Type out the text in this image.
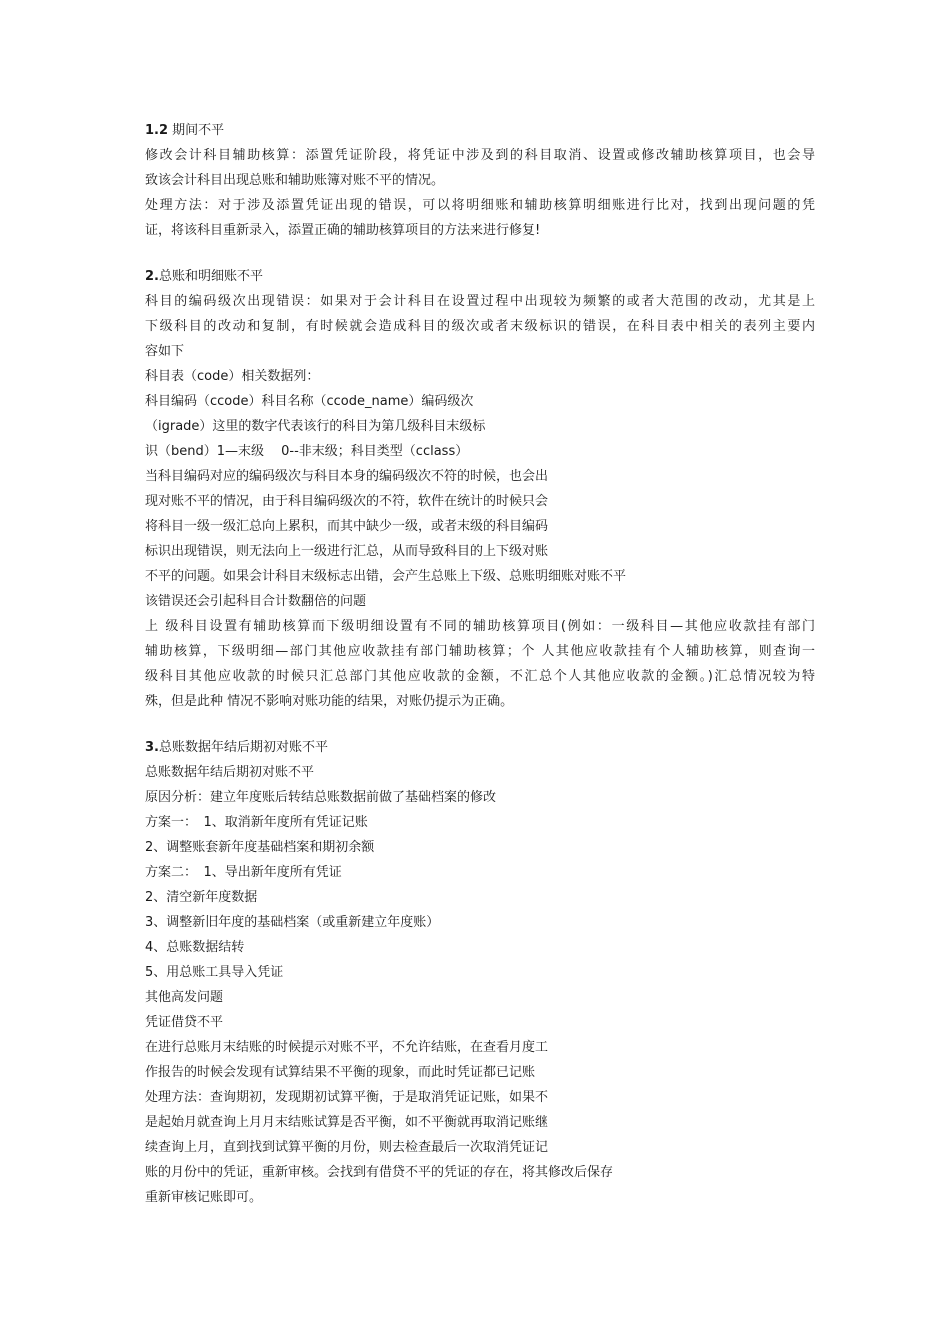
1.2 期间不平
修改会计科目辅助核算：添置凭证阶段，将凭证中涉及到的科目取消、设置或修改辅助核算项目，也会导
致该会计科目出现总账和辅助账簿对账不平的情况。
处理方法：对于涉及添置凭证出现的错误，可以将明细账和辅助核算明细账进行比对，找到出现问题的凭
证，将该科目重新录入，添置正确的辅助核算项目的方法来进行修复!
2.总账和明细账不平
科目的编码级次出现错误：如果对于会计科目在设置过程中出现较为频繁的或者大范围的改动，尤其是上
下级科目的改动和复制，有时候就会造成科目的级次或者末级标识的错误，在科目表中相关的表列主要内
容如下
科目表（code）相关数据列：
科目编码（ccode）科目名称（ccode_name）编码级次
（igrade）这里的数字代表该行的科目为第几级科目末级标
识（bend）1—末级　 0--非末级；科目类型（cclass）
当科目编码对应的编码级次与科目本身的编码级次不符的时候，也会出
现对账不平的情况，由于科目编码级次的不符，软件在统计的时候只会
将科目一级一级汇总向上累积，而其中缺少一级，或者末级的科目编码
标识出现错误，则无法向上一级进行汇总，从而导致科目的上下级对账
不平的问题。如果会计科目末级标志出错，会产生总账上下级、总账明细账对账不平
该错误还会引起科目合计数翻倍的问题
上 级科目设置有辅助核算而下级明细设置有不同的辅助核算项目(例如：一级科目—其他应收款挂有部门
辅助核算，下级明细—部门其他应收款挂有部门辅助核算；个 人其他应收款挂有个人辅助核算，则查询一
级科目其他应收款的时候只汇总部门其他应收款的金额，不汇总个人其他应收款的金额。)汇总情况较为特
殊，但是此种 情况不影响对账功能的结果，对账仍提示为正确。
3.总账数据年结后期初对账不平
总账数据年结后期初对账不平
原因分析：建立年度账后转结总账数据前做了基础档案的修改
方案一：　1、取消新年度所有凭证记账
2、调整账套新年度基础档案和期初余额
方案二：　1、导出新年度所有凭证
2、清空新年度数据
3、调整新旧年度的基础档案（或重新建立年度账）
4、总账数据结转
5、用总账工具导入凭证
其他高发问题
凭证借贷不平
在进行总账月末结账的时候提示对账不平，不允许结账，在查看月度工
作报告的时候会发现有试算结果不平衡的现象，而此时凭证都已记账
处理方法：查询期初，发现期初试算平衡，于是取消凭证记账，如果不
是起始月就查询上月月末结账试算是否平衡，如不平衡就再取消记账继
续查询上月，直到找到试算平衡的月份，则去检查最后一次取消凭证记
账的月份中的凭证，重新审核。会找到有借贷不平的凭证的存在，将其修改后保存
重新审核记账即可。
